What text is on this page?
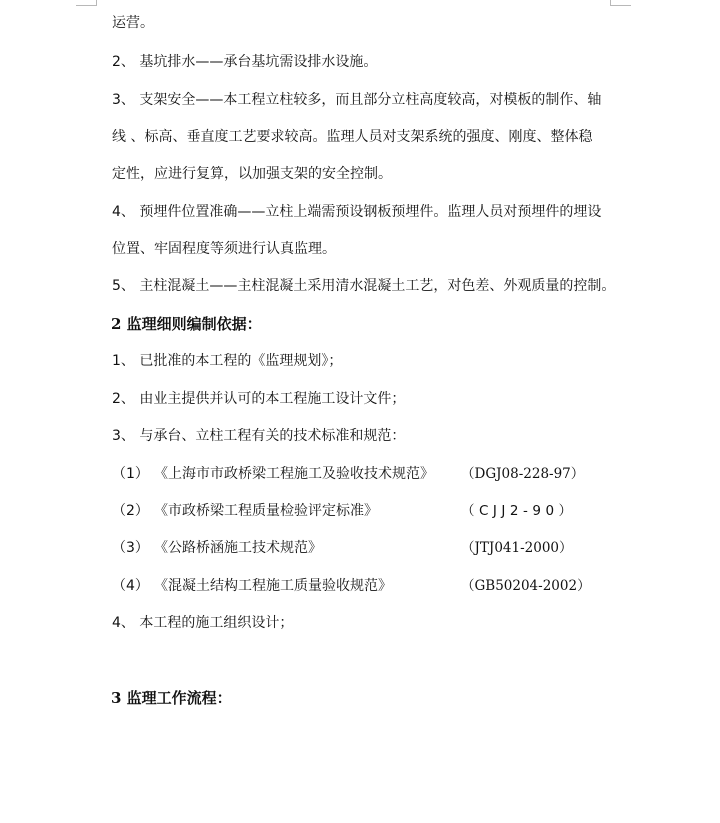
运营。
2、 基坑排水——承台基坑需设排水设施。
3、 支架安全——本工程立柱较多，而且部分立柱高度较高，对模板的制作、轴
线 、标高、垂直度工艺要求较高。监理人员对支架系统的强度、刚度、整体稳
定性，应进行复算，以加强支架的安全控制。
4、 预埋件位置准确——立柱上端需预设钢板预埋件。监理人员对预埋件的埋设
位置、牢固程度等须进行认真监理。
5、 主柱混凝土——主柱混凝土采用清水混凝土工艺，对色差、外观质量的控制。
2 监理细则编制依据：
1、 已批准的本工程的《监理规划》；
2、 由业主提供并认可的本工程施工设计文件；
3、 与承台、立柱工程有关的技术标准和规范：
（1） 《上海市市政桥梁工程施工及验收技术规范》 （DGJ08-228-97）
（2） 《市政桥梁工程质量检验评定标准》	（CJJ2-90）
（3） 《公路桥涵施工技术规范》	（JTJ041-2000）
（4） 《混凝土结构工程施工质量验收规范》	（GB50204-2002）
4、 本工程的施工组织设计；
3 监理工作流程：
